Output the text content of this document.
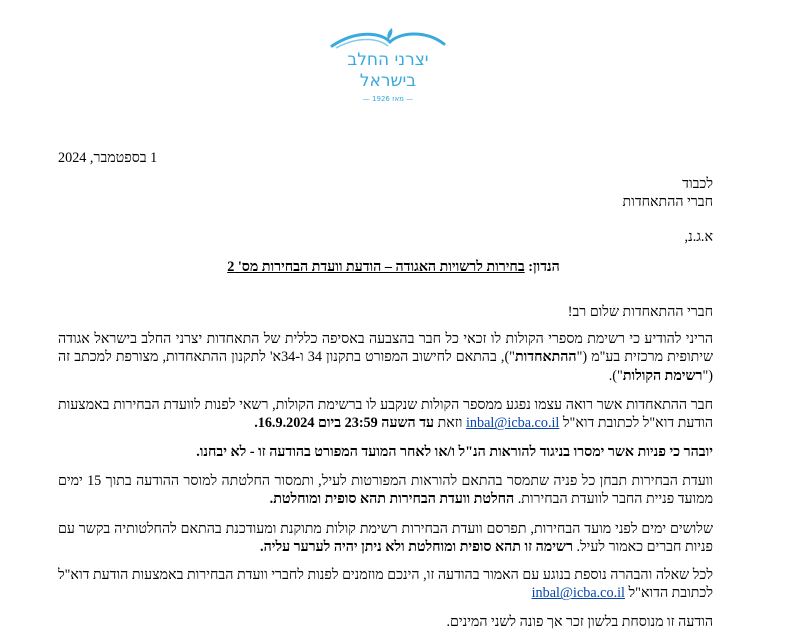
יצרני החלב
בישראל
— מאז 1926 —
1 בספטמבר, 2024
לכבוד
חברי ההתאחדות
א.ג.נ,
הנדון: בחירות לרשויות האגודה – הודעת וועדת הבחירות מס' 2
חברי ההתאחדות שלום רב!
הריני להודיע כי רשימת מספרי הקולות לו זכאי כל חבר בהצבעה באסיפה כללית של התאחדות יצרני החלב בישראל אגודה שיתופית מרכזית בע"מ ("ההתאחדות"), בהתאם לחישוב המפורט בתקנון 34 ו-34א' לתקנון ההתאחדות, מצורפת למכתב זה ("רשימת הקולות").
חבר ההתאחדות אשר רואה עצמו נפגע ממספר הקולות שנקבע לו ברשימת הקולות, רשאי לפנות לוועדת הבחירות באמצעות הודעת דוא"ל לכתובת דוא"ל inbal@icba.co.il וזאת עד השעה 23:59 ביום 16.9.2024.
יובהר כי פניות אשר ימסרו בניגוד להוראות הנ"ל ו/או לאחר המועד המפורט בהודעה זו - לא יבחנו.
וועדת הבחירות תבחן כל פניה שתמסר בהתאם להוראות המפורטות לעיל, ותמסור החלטתה למוסר ההודעה בתוך 15 ימים ממועד פניית החבר לוועדת הבחירות. החלטת וועדת הבחירות תהא סופית ומוחלטת.
שלושים ימים לפני מועד הבחירות, תפרסם וועדת הבחירות רשימת קולות מתוקנת ומעודכנת בהתאם להחלטותיה בקשר עם פניות חברים כאמור לעיל. רשימה זו תהא סופית ומוחלטת ולא ניתן יהיה לערער עליה.
לכל שאלה והבהרה נוספת בנוגע עם האמור בהודעה זו, הינכם מוזמנים לפנות לחברי וועדת הבחירות באמצעות הודעת דוא"ל לכתובת הדוא"ל inbal@icba.co.il
הודעה זו מנוסחת בלשון זכר אך פונה לשני המינים.
